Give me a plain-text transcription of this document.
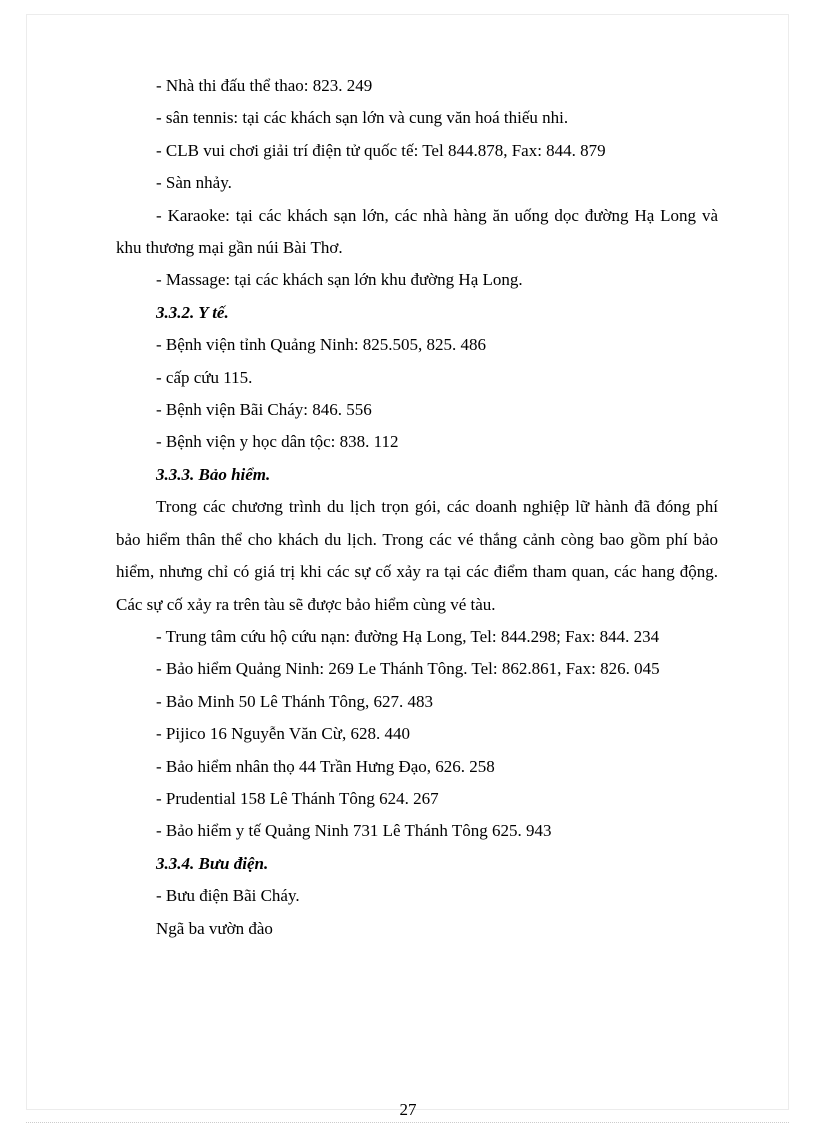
- Nhà thi đấu thể thao: 823. 249

- sân tennis: tại các khách sạn lớn và cung văn hoá thiếu nhi.

- CLB vui chơi giải trí điện tử quốc tế: Tel 844.878, Fax: 844. 879

- Sàn nhảy.

- Karaoke: tại các khách sạn lớn, các nhà hàng ăn uống dọc đường Hạ Long và khu thương mại gần núi Bài Thơ.

- Massage: tại các khách sạn lớn khu đường Hạ Long.

3.3.2. Y tế.

- Bệnh viện tỉnh Quảng Ninh: 825.505, 825. 486

- cấp cứu 115.

- Bệnh viện Bãi Cháy: 846. 556

- Bệnh viện y học dân tộc: 838. 112

3.3.3. Bảo hiểm.

Trong các chương trình du lịch trọn gói, các doanh nghiệp lữ hành đã đóng phí bảo hiểm thân thể cho khách du lịch. Trong các vé thắng cảnh còng bao gồm phí bảo hiểm, nhưng chỉ có giá trị khi các sự cố xảy ra tại các điểm tham quan, các hang động. Các sự cố xảy ra trên tàu sẽ được bảo hiểm cùng vé tàu.

- Trung tâm cứu hộ cứu nạn: đường Hạ Long, Tel: 844.298; Fax: 844. 234

- Bảo hiểm Quảng Ninh: 269 Le Thánh Tông. Tel: 862.861, Fax: 826. 045

- Bảo Minh 50 Lê Thánh Tông, 627. 483

- Pijico 16 Nguyễn Văn Cừ, 628. 440

- Bảo hiểm nhân thọ 44 Trần Hưng Đạo, 626. 258

- Prudential 158 Lê Thánh Tông 624. 267

- Bảo hiểm y tế Quảng Ninh 731 Lê Thánh Tông 625. 943

3.3.4. Bưu điện.

- Bưu điện Bãi Cháy.

Ngã ba vườn đào

27
